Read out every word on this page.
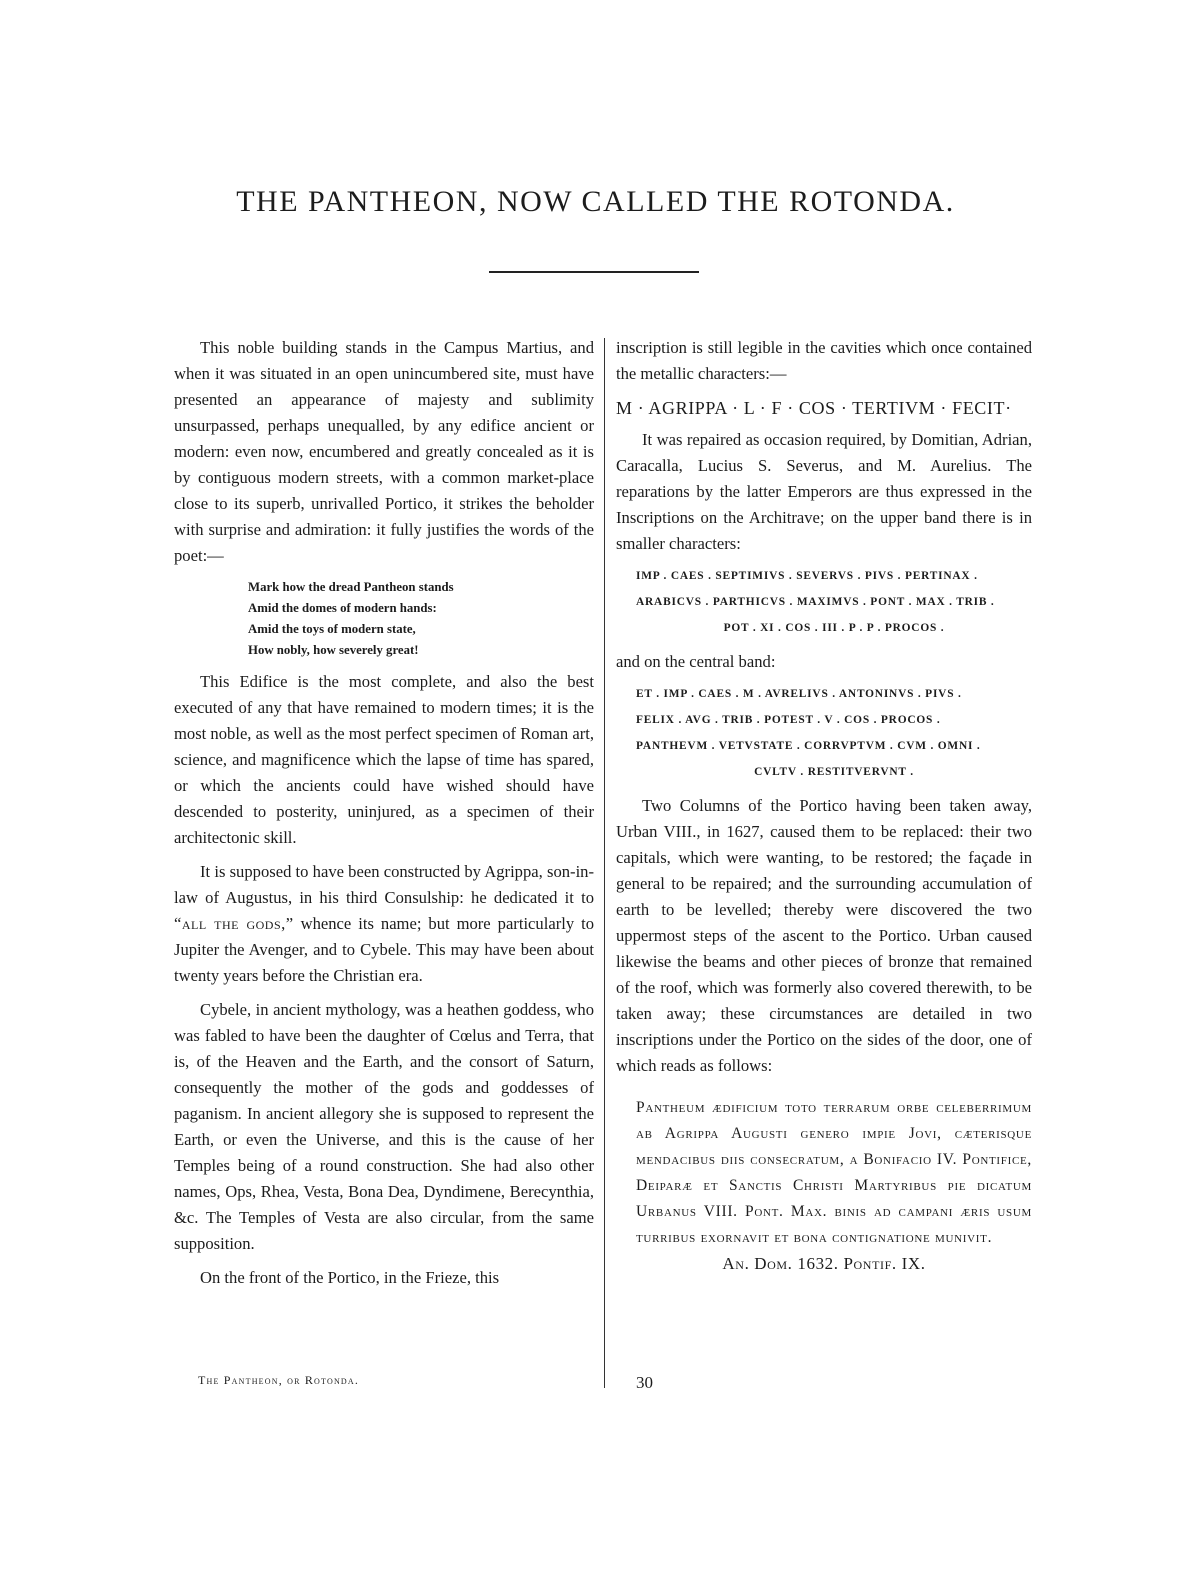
THE PANTHEON, NOW CALLED THE ROTONDA.

This noble building stands in the Campus Martius, and when it was situated in an open unincumbered site, must have presented an appearance of majesty and sublimity unsurpassed, perhaps unequalled, by any edifice ancient or modern: even now, encumbered and greatly concealed as it is by contiguous modern streets, with a common market-place close to its superb, unrivalled Portico, it strikes the beholder with surprise and admiration: it fully justifies the words of the poet:—

Mark how the dread Pantheon stands
Amid the domes of modern hands:
Amid the toys of modern state,
How nobly, how severely great!

This Edifice is the most complete, and also the best executed of any that have remained to modern times; it is the most noble, as well as the most perfect specimen of Roman art, science, and magnificence which the lapse of time has spared, or which the ancients could have wished should have descended to posterity, uninjured, as a specimen of their architectonic skill.

It is supposed to have been constructed by Agrippa, son-in-law of Augustus, in his third Consulship: he dedicated it to “all the gods,” whence its name; but more particularly to Jupiter the Avenger, and to Cybele. This may have been about twenty years before the Christian era.

Cybele, in ancient mythology, was a heathen goddess, who was fabled to have been the daughter of Cœlus and Terra, that is, of the Heaven and the Earth, and the consort of Saturn, consequently the mother of the gods and goddesses of paganism. In ancient allegory she is supposed to represent the Earth, or even the Universe, and this is the cause of her Temples being of a round construction. She had also other names, Ops, Rhea, Vesta, Bona Dea, Dyndimene, Berecynthia, &c. The Temples of Vesta are also circular, from the same supposition.

On the front of the Portico, in the Frieze, this

inscription is still legible in the cavities which once contained the metallic characters:—

M · AGRIPPA · L · F · COS · TERTIVM · FECIT·

It was repaired as occasion required, by Domitian, Adrian, Caracalla, Lucius S. Severus, and M. Aurelius. The reparations by the latter Emperors are thus expressed in the Inscriptions on the Architrave; on the upper band there is in smaller characters:

IMP . CAES . SEPTIMIVS . SEVERVS . PIVS . PERTINAX .
ARABICVS . PARTHICVS . MAXIMVS . PONT . MAX . TRIB .
POT . XI . COS . III . P . P . PROCOS .

and on the central band:

ET . IMP . CAES . M . AVRELIVS . ANTONINVS . PIVS .
FELIX . AVG . TRIB . POTEST . V . COS . PROCOS .
PANTHEVM . VETVSTATE . CORRVPTVM . CVM . OMNI .
CVLTV . RESTITVERVNT .

Two Columns of the Portico having been taken away, Urban VIII., in 1627, caused them to be replaced: their two capitals, which were wanting, to be restored; the façade in general to be repaired; and the surrounding accumulation of earth to be levelled; thereby were discovered the two uppermost steps of the ascent to the Portico. Urban caused likewise the beams and other pieces of bronze that remained of the roof, which was formerly also covered therewith, to be taken away; these circumstances are detailed in two inscriptions under the Portico on the sides of the door, one of which reads as follows:

Pantheum ædificium toto terrarum orbe celeberrimum ab Agrippa Augusti genero impie Jovi, cæterisque mendacibus diis consecratum, a Bonifacio IV. Pontifice, Deiparæ et Sanctis Christi Martyribus pie dicatum Urbanus VIII. Pont. Max. binis ad campani æris usum turribus exornavit et bona contignatione munivit.

An. Dom. 1632. Pontif. IX.

The Pantheon, or Rotonda.	30
